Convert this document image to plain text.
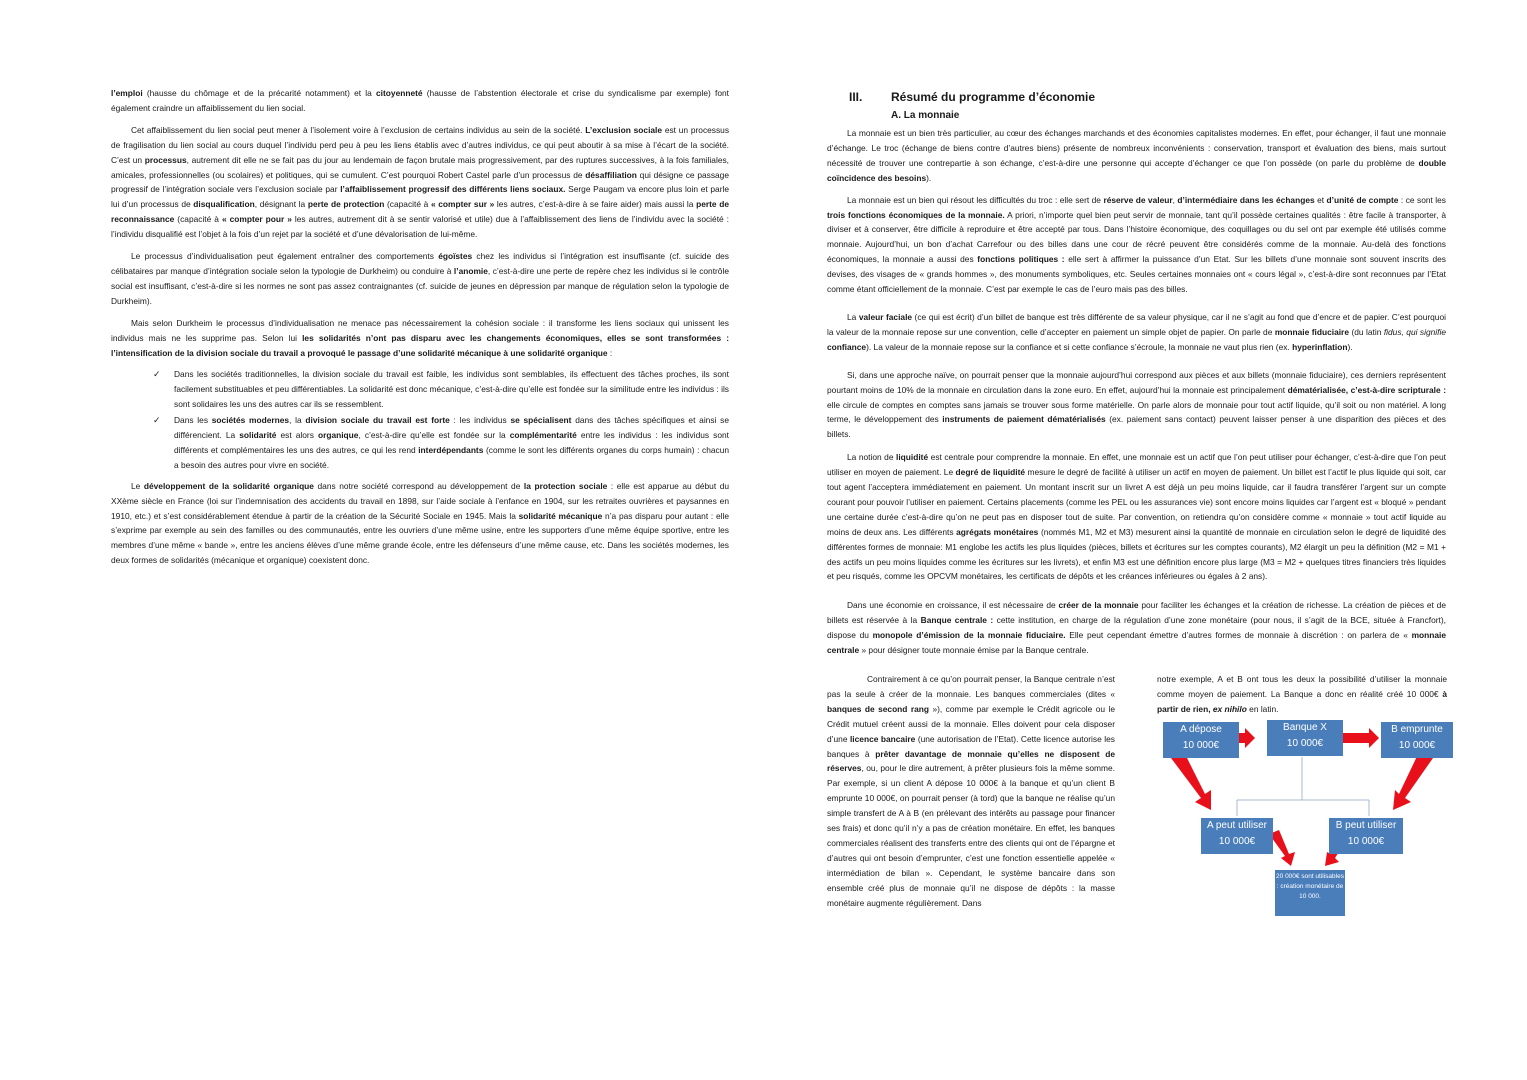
l’emploi (hausse du chômage et de la précarité notamment) et la citoyenneté (hausse de l’abstention électorale et crise du syndicalisme par exemple) font également craindre un affaiblissement du lien social.

Cet affaiblissement du lien social peut mener à l’isolement voire à l’exclusion de certains individus au sein de la société. L’exclusion sociale est un processus de fragilisation du lien social au cours duquel l’individu perd peu à peu les liens établis avec d’autres individus, ce qui peut aboutir à sa mise à l’écart de la société. C’est un processus, autrement dit elle ne se fait pas du jour au lendemain de façon brutale mais progressivement, par des ruptures successives, à la fois familiales, amicales, professionnelles (ou scolaires) et politiques, qui se cumulent. C’est pourquoi Robert Castel parle d’un processus de désaffiliation qui désigne ce passage progressif de l’intégration sociale vers l’exclusion sociale par l’affaiblissement progressif des différents liens sociaux. Serge Paugam va encore plus loin et parle lui d’un processus de disqualification, désignant la perte de protection (capacité à « compter sur » les autres, c’est-à-dire à se faire aider) mais aussi la perte de reconnaissance (capacité à « compter pour » les autres, autrement dit à se sentir valorisé et utile) due à l’affaiblissement des liens de l’individu avec la société : l’individu disqualifié est l’objet à la fois d’un rejet par la société et d’une dévalorisation de lui-même.

Le processus d’individualisation peut également entraîner des comportements égoïstes chez les individus si l’intégration est insuffisante (cf. suicide des célibataires par manque d’intégration sociale selon la typologie de Durkheim) ou conduire à l’anomie, c’est-à-dire une perte de repère chez les individus si le contrôle social est insuffisant, c’est-à-dire si les normes ne sont pas assez contraignantes (cf. suicide de jeunes en dépression par manque de régulation selon la typologie de Durkheim).

Mais selon Durkheim le processus d’individualisation ne menace pas nécessairement la cohésion sociale : il transforme les liens sociaux qui unissent les individus mais ne les supprime pas. Selon lui les solidarités n’ont pas disparu avec les changements économiques, elles se sont transformées : l’intensification de la division sociale du travail a provoqué le passage d’une solidarité mécanique à une solidarité organique :

✓ Dans les sociétés traditionnelles, la division sociale du travail est faible, les individus sont semblables, ils effectuent des tâches proches, ils sont facilement substituables et peu différentiables. La solidarité est donc mécanique, c’est-à-dire qu’elle est fondée sur la similitude entre les individus : ils sont solidaires les uns des autres car ils se ressemblent.
✓ Dans les sociétés modernes, la division sociale du travail est forte : les individus se spécialisent dans des tâches spécifiques et ainsi se différencient. La solidarité est alors organique, c’est-à-dire qu’elle est fondée sur la complémentarité entre les individus : les individus sont différents et complémentaires les uns des autres, ce qui les rend interdépendants (comme le sont les différents organes du corps humain) : chacun a besoin des autres pour vivre en société.

Le développement de la solidarité organique dans notre société correspond au développement de la protection sociale : elle est apparue au début du XXème siècle en France (loi sur l’indemnisation des accidents du travail en 1898, sur l’aide sociale à l’enfance en 1904, sur les retraites ouvrières et paysannes en 1910, etc.) et s’est considérablement étendue à partir de la création de la Sécurité Sociale en 1945. Mais la solidarité mécanique n’a pas disparu pour autant : elle s’exprime par exemple au sein des familles ou des communautés, entre les ouvriers d’une même usine, entre les supporters d’une même équipe sportive, entre les membres d’une même « bande », entre les anciens élèves d’une même grande école, entre les défenseurs d’une même cause, etc. Dans les sociétés modernes, les deux formes de solidarités (mécanique et organique) coexistent donc.

III. Résumé du programme d’économie
A. La monnaie

La monnaie est un bien très particulier, au cœur des échanges marchands et des économies capitalistes modernes. En effet, pour échanger, il faut une monnaie d’échange. Le troc (échange de biens contre d’autres biens) présente de nombreux inconvénients : conservation, transport et évaluation des biens, mais surtout nécessité de trouver une contrepartie à son échange, c’est-à-dire une personne qui accepte d’échanger ce que l’on possède (on parle du problème de double coïncidence des besoins).

La monnaie est un bien qui résout les difficultés du troc : elle sert de réserve de valeur, d’intermédiaire dans les échanges et d’unité de compte : ce sont les trois fonctions économiques de la monnaie. A priori, n’importe quel bien peut servir de monnaie, tant qu’il possède certaines qualités : être facile à transporter, à diviser et à conserver, être difficile à reproduire et être accepté par tous. Dans l’histoire économique, des coquillages ou du sel ont par exemple été utilisés comme monnaie. Aujourd’hui, un bon d’achat Carrefour ou des billes dans une cour de récré peuvent être considérés comme de la monnaie. Au-delà des fonctions économiques, la monnaie a aussi des fonctions politiques : elle sert à affirmer la puissance d’un Etat. Sur les billets d’une monnaie sont souvent inscrits des devises, des visages de « grands hommes », des monuments symboliques, etc. Seules certaines monnaies ont « cours légal », c’est-à-dire sont reconnues par l’Etat comme étant officiellement de la monnaie. C’est par exemple le cas de l’euro mais pas des billes.

La valeur faciale (ce qui est écrit) d’un billet de banque est très différente de sa valeur physique, car il ne s’agit au fond que d’encre et de papier. C’est pourquoi la valeur de la monnaie repose sur une convention, celle d’accepter en paiement un simple objet de papier. On parle de monnaie fiduciaire (du latin fidus, qui signifie confiance). La valeur de la monnaie repose sur la confiance et si cette confiance s’écroule, la monnaie ne vaut plus rien (ex. hyperinflation).

Si, dans une approche naïve, on pourrait penser que la monnaie aujourd’hui correspond aux pièces et aux billets (monnaie fiduciaire), ces derniers représentent pourtant moins de 10% de la monnaie en circulation dans la zone euro. En effet, aujourd’hui la monnaie est principalement dématérialisée, c’est-à-dire scripturale : elle circule de comptes en comptes sans jamais se trouver sous forme matérielle. On parle alors de monnaie pour tout actif liquide, qu’il soit ou non matériel. A long terme, le développement des instruments de paiement dématérialisés (ex. paiement sans contact) peuvent laisser penser à une disparition des pièces et des billets.

La notion de liquidité est centrale pour comprendre la monnaie. En effet, une monnaie est un actif que l’on peut utiliser pour échanger, c’est-à-dire que l’on peut utiliser en moyen de paiement. Le degré de liquidité mesure le degré de facilité à utiliser un actif en moyen de paiement. Un billet est l’actif le plus liquide qui soit, car tout agent l’acceptera immédiatement en paiement. Un montant inscrit sur un livret A est déjà un peu moins liquide, car il faudra transférer l’argent sur un compte courant pour pouvoir l’utiliser en paiement. Certains placements (comme les PEL ou les assurances vie) sont encore moins liquides car l’argent est « bloqué » pendant une certaine durée c’est-à-dire qu’on ne peut pas en disposer tout de suite. Par convention, on retiendra qu’on considère comme « monnaie » tout actif liquide au moins de deux ans. Les différents agrégats monétaires (nommés M1, M2 et M3) mesurent ainsi la quantité de monnaie en circulation selon le degré de liquidité des différentes formes de monnaie: M1 englobe les actifs les plus liquides (pièces, billets et écritures sur les comptes courants), M2 élargit un peu la définition (M2 = M1 + des actifs un peu moins liquides comme les écritures sur les livrets), et enfin M3 est une définition encore plus large (M3 = M2 + quelques titres financiers très liquides et peu risqués, comme les OPCVM monétaires, les certificats de dépôts et les créances inférieures ou égales à 2 ans).

Dans une économie en croissance, il est nécessaire de créer de la monnaie pour faciliter les échanges et la création de richesse. La création de pièces et de billets est réservée à la Banque centrale : cette institution, en charge de la régulation d’une zone monétaire (pour nous, il s’agit de la BCE, située à Francfort), dispose du monopole d’émission de la monnaie fiduciaire. Elle peut cependant émettre d’autres formes de monnaie à discrétion : on parlera de « monnaie centrale » pour désigner toute monnaie émise par la Banque centrale.

Contrairement à ce qu’on pourrait penser, la Banque centrale n’est pas la seule à créer de la monnaie. Les banques commerciales (dites « banques de second rang »), comme par exemple le Crédit agricole ou le Crédit mutuel créent aussi de la monnaie. Elles doivent pour cela disposer d’une licence bancaire (une autorisation de l’Etat). Cette licence autorise les banques à prêter davantage de monnaie qu’elles ne disposent de réserves, ou, pour le dire autrement, à prêter plusieurs fois la même somme. Par exemple, si un client A dépose 10 000€ à la banque et qu’un client B emprunte 10 000€, on pourrait penser (à tord) que la banque ne réalise qu’un simple transfert de A à B (en prélevant des intérêts au passage pour financer ses frais) et donc qu’il n’y a pas de création monétaire. En effet, les banques commerciales réalisent des transferts entre des clients qui ont de l’épargne et d’autres qui ont besoin d’emprunter, c’est une fonction essentielle appelée « intermédiation de bilan ». Cependant, le système bancaire dans son ensemble créé plus de monnaie qu’il ne dispose de dépôts : la masse monétaire augmente régulièrement. Dans
notre exemple, A et B ont tous les deux la possibilité d’utiliser la monnaie comme moyen de paiement. La Banque a donc en réalité créé 10 000€ à partir de rien, ex nihilo en latin.
A dépose
10 000€
Banque X
10 000€
B emprunte
10 000€
A peut utiliser
10 000€
B peut utiliser
10 000€
20 000€ sont utilisables : création monétaire de 10 000.
